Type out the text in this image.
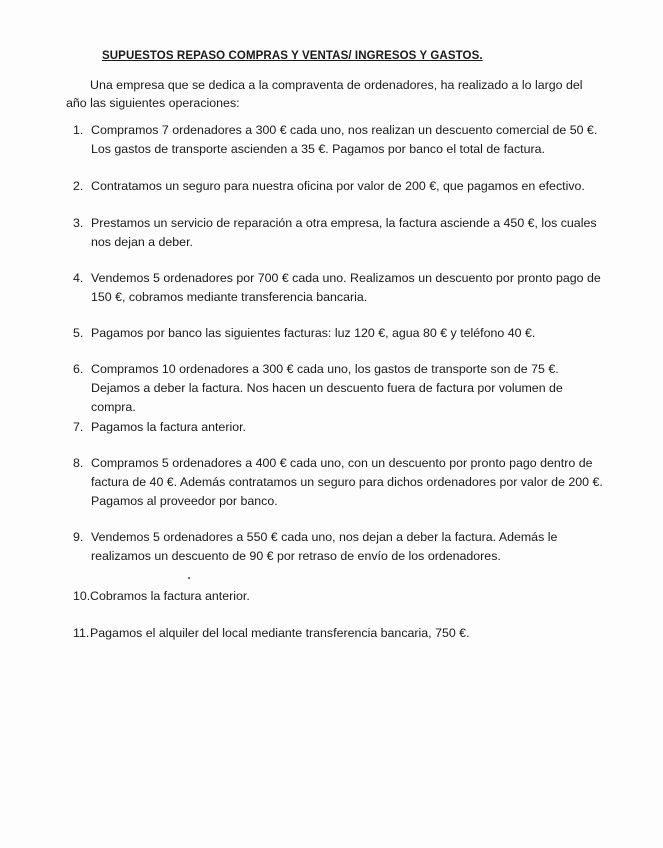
SUPUESTOS REPASO COMPRAS Y VENTAS/ INGRESOS Y GASTOS.
Una empresa que se dedica a la compraventa de ordenadores, ha realizado a lo largo del año las siguientes operaciones:
1. Compramos 7 ordenadores a 300 € cada uno, nos realizan un descuento comercial de 50 €. Los gastos de transporte ascienden a 35 €. Pagamos por banco el total de factura.
2. Contratamos un seguro para nuestra oficina por valor de 200 €, que pagamos en efectivo.
3. Prestamos un servicio de reparación a otra empresa, la factura asciende a 450 €, los cuales nos dejan a deber.
4. Vendemos 5 ordenadores por 700 € cada uno. Realizamos un descuento por pronto pago de 150 €, cobramos mediante transferencia bancaria.
5. Pagamos por banco las siguientes facturas: luz 120 €, agua 80 € y teléfono 40 €.
6. Compramos 10 ordenadores a 300 € cada uno, los gastos de transporte son de 75 €. Dejamos a deber la factura. Nos hacen un descuento fuera de factura por volumen de compra.
7. Pagamos la factura anterior.
8. Compramos 5 ordenadores a 400 € cada uno, con un descuento por pronto pago dentro de factura de 40 €. Además contratamos un seguro para dichos ordenadores por valor de 200 €. Pagamos al proveedor por banco.
9. Vendemos 5 ordenadores a 550 € cada uno, nos dejan a deber la factura. Además le realizamos un descuento de 90 € por retraso de envío de los ordenadores.
10. Cobramos la factura anterior.
11. Pagamos el alquiler del local mediante transferencia bancaria, 750 €.
